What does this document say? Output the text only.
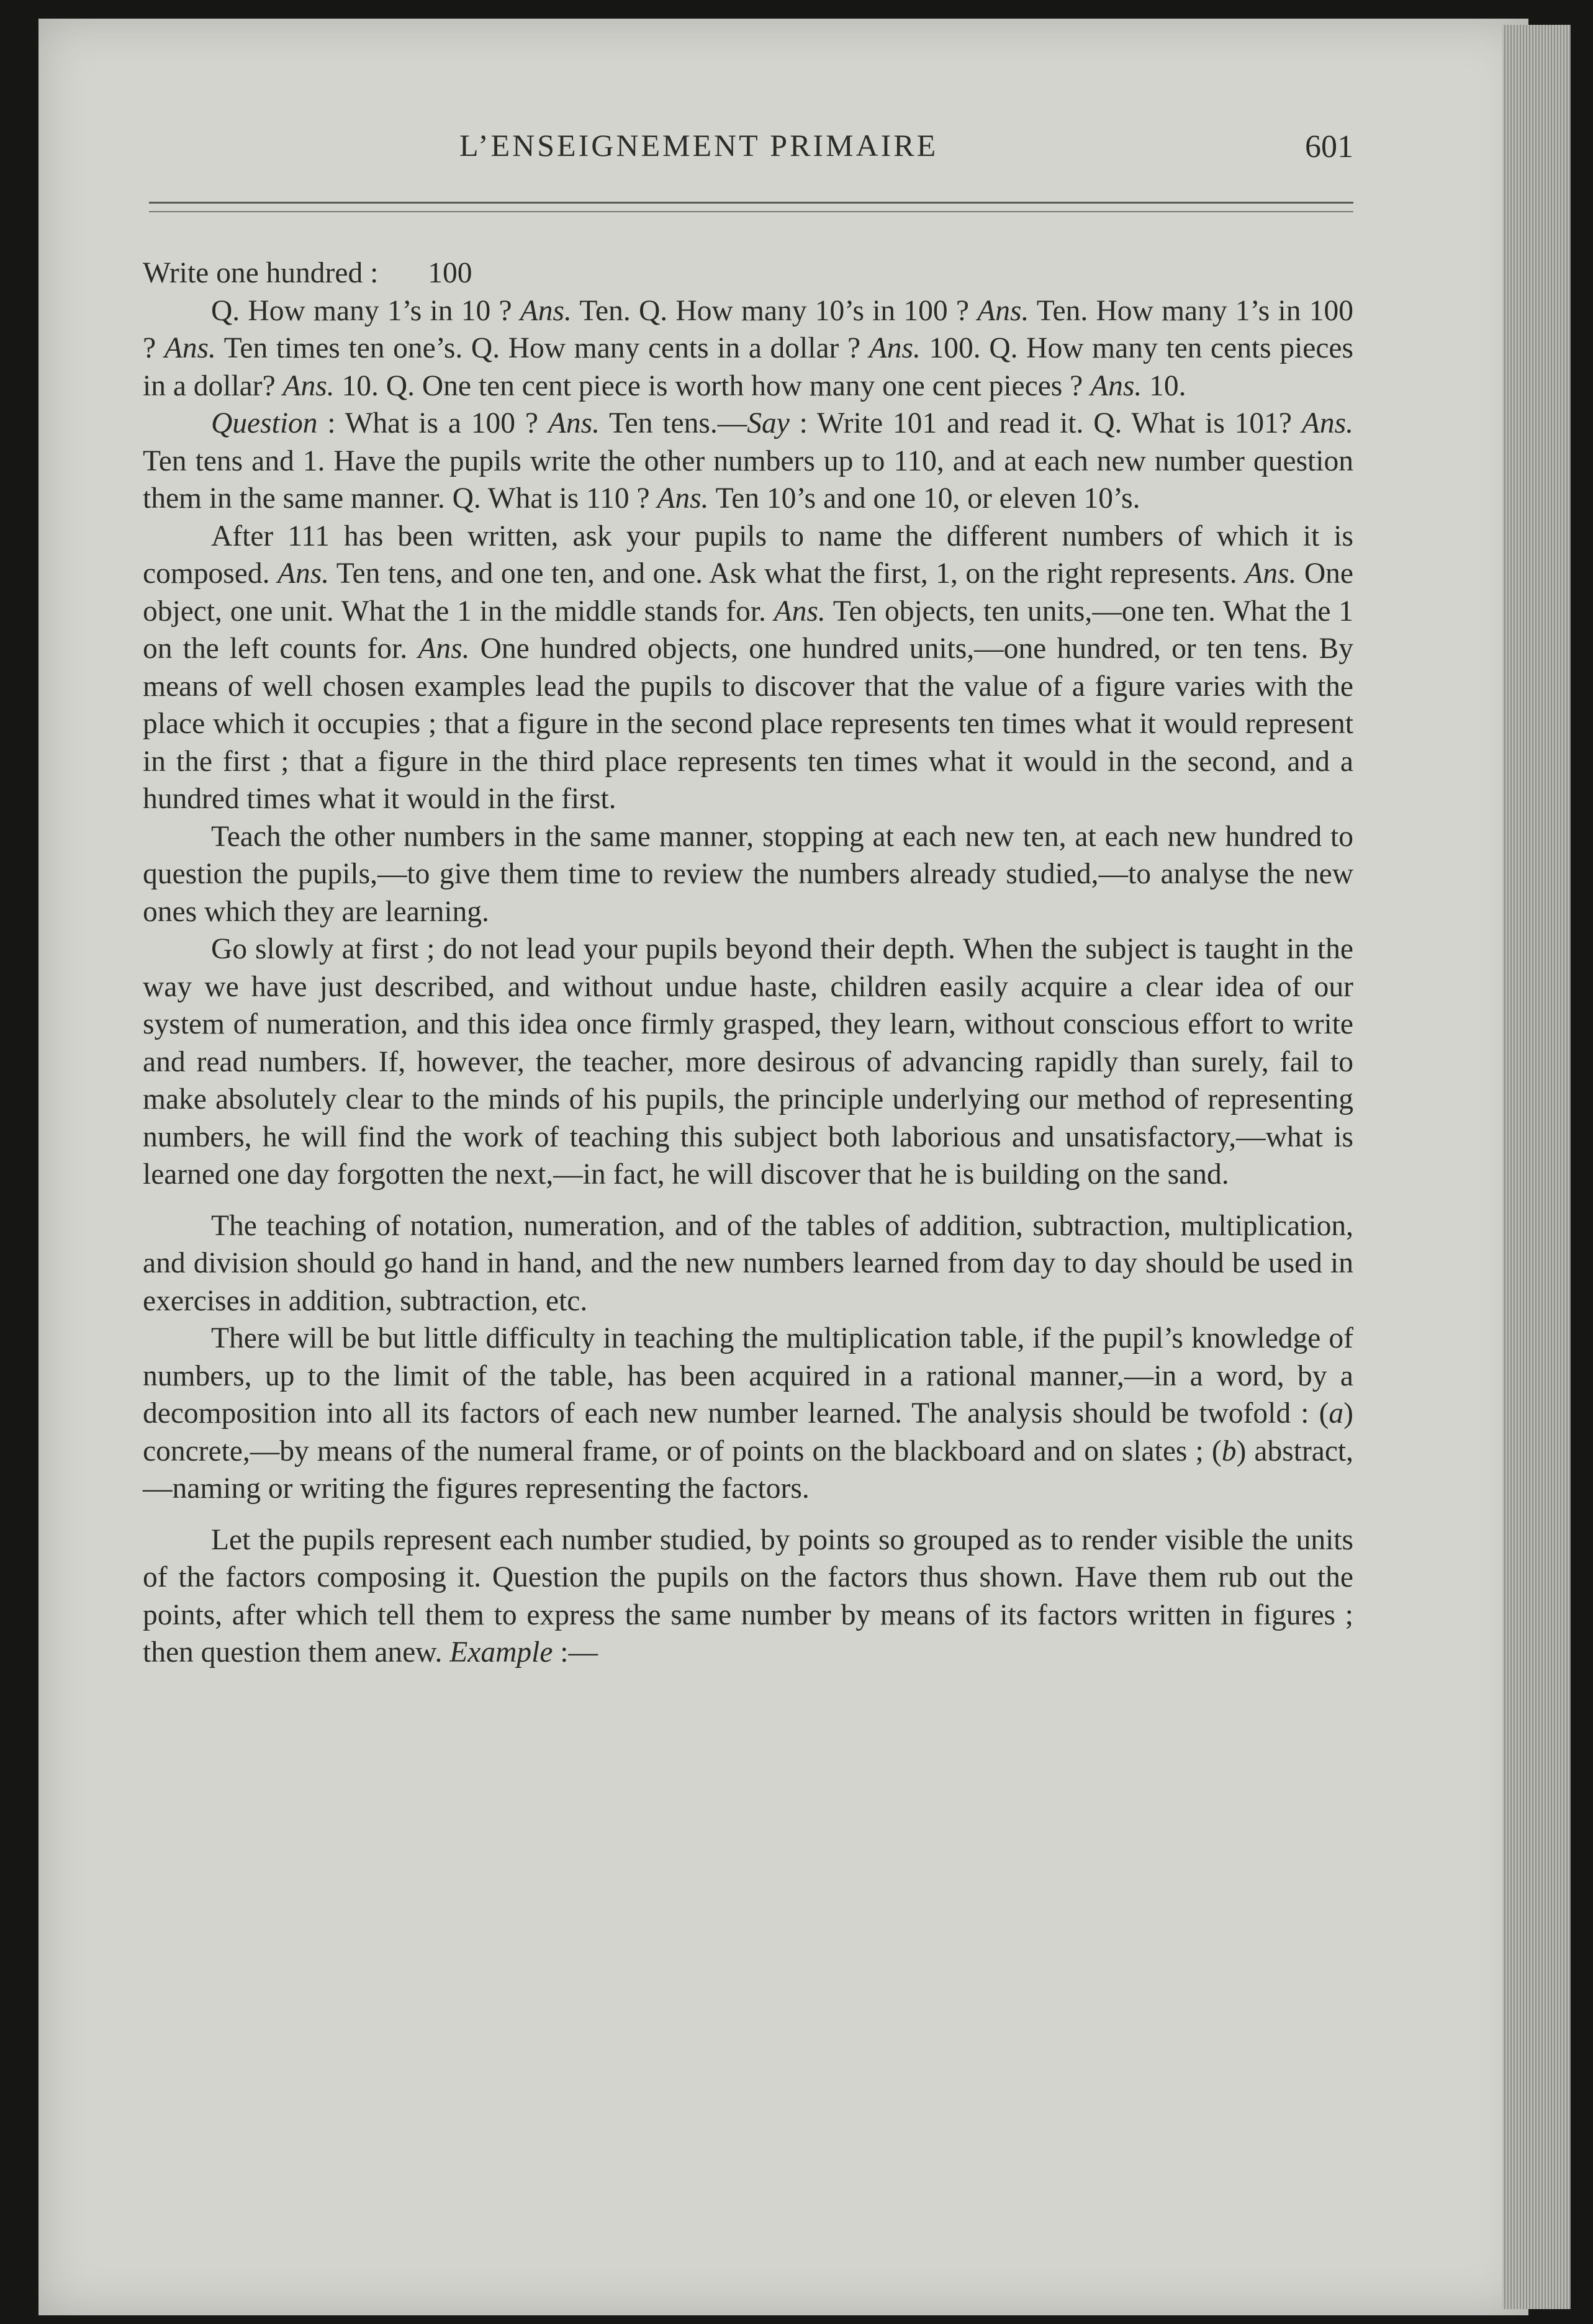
L’ENSEIGNEMENT PRIMAIRE	601

Write one hundred : 100

Q. How many 1’s in 10 ? Ans. Ten. Q. How many 10’s in 100 ? Ans. Ten. How many 1’s in 100 ? Ans. Ten times ten one’s. Q. How many cents in a dollar ? Ans. 100. Q. How many ten cents pieces in a dollar? Ans. 10. Q. One ten cent piece is worth how many one cent pieces ? Ans. 10.

Question : What is a 100 ? Ans. Ten tens.—Say : Write 101 and read it. Q. What is 101? Ans. Ten tens and 1. Have the pupils write the other numbers up to 110, and at each new number question them in the same manner. Q. What is 110 ? Ans. Ten 10’s and one 10, or eleven 10’s.

After 111 has been written, ask your pupils to name the different numbers of which it is composed. Ans. Ten tens, and one ten, and one. Ask what the first, 1, on the right represents. Ans. One object, one unit. What the 1 in the middle stands for. Ans. Ten objects, ten units,—one ten. What the 1 on the left counts for. Ans. One hundred objects, one hundred units,—one hundred, or ten tens. By means of well chosen examples lead the pupils to discover that the value of a figure varies with the place which it occupies ; that a figure in the second place represents ten times what it would represent in the first ; that a figure in the third place represents ten times what it would in the second, and a hundred times what it would in the first.

Teach the other numbers in the same manner, stopping at each new ten, at each new hundred to question the pupils,—to give them time to review the numbers already studied,—to analyse the new ones which they are learning.

Go slowly at first ; do not lead your pupils beyond their depth. When the subject is taught in the way we have just described, and without undue haste, children easily acquire a clear idea of our system of numeration, and this idea once firmly grasped, they learn, without conscious effort to write and read numbers. If, however, the teacher, more desirous of advancing rapidly than surely, fail to make absolutely clear to the minds of his pupils, the principle underlying our method of representing numbers, he will find the work of teaching this subject both laborious and unsatisfactory,—what is learned one day forgotten the next,—in fact, he will discover that he is building on the sand.

The teaching of notation, numeration, and of the tables of addition, subtraction, multiplication, and division should go hand in hand, and the new numbers learned from day to day should be used in exercises in addition, subtraction, etc.

There will be but little difficulty in teaching the multiplication table, if the pupil’s knowledge of numbers, up to the limit of the table, has been acquired in a rational manner,—in a word, by a decomposition into all its factors of each new number learned. The analysis should be twofold : (a) concrete,—by means of the numeral frame, or of points on the blackboard and on slates ; (b) abstract,—naming or writing the figures representing the factors.

Let the pupils represent each number studied, by points so grouped as to render visible the units of the factors composing it. Question the pupils on the factors thus shown. Have them rub out the points, after which tell them to express the same number by means of its factors written in figures ; then question them anew. Example :—
